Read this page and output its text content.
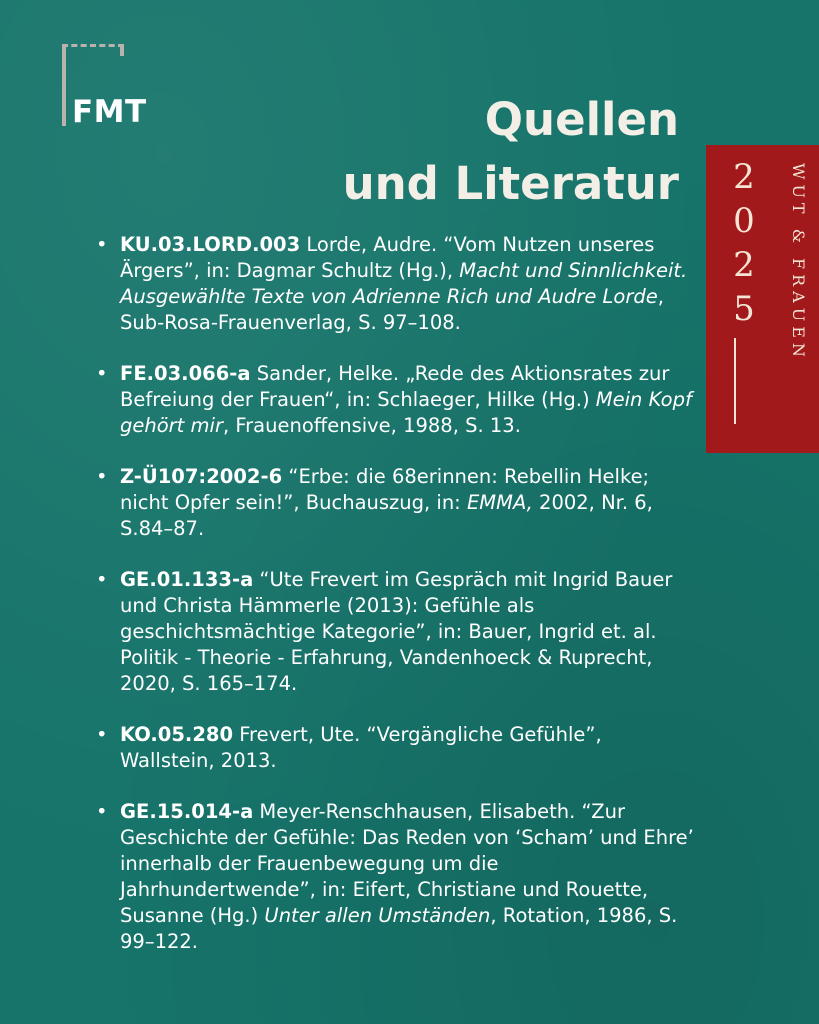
FMT	Quellen
und Literatur 2
0
2
5	WUT & FRAUEN
• KU.03.LORD.003 Lorde, Audre. “Vom Nutzen unseres Ärgers”, in: Dagmar Schultz (Hg.), Macht und Sinnlichkeit. Ausgewählte Texte von Adrienne Rich und Audre Lorde, Sub-Rosa-Frauenverlag, S. 97–108.
• FE.03.066-a Sander, Helke. „Rede des Aktionsrates zur Befreiung der Frauen“, in: Schlaeger, Hilke (Hg.) Mein Kopf gehört mir, Frauenoffensive, 1988, S. 13.
• Z-Ü107:2002-6 “Erbe: die 68erinnen: Rebellin Helke; nicht Opfer sein!”, Buchauszug, in: EMMA, 2002, Nr. 6, S.84–87.
• GE.01.133-a “Ute Frevert im Gespräch mit Ingrid Bauer und Christa Hämmerle (2013): Gefühle als geschichtsmächtige Kategorie”, in: Bauer, Ingrid et. al. Politik - Theorie - Erfahrung, Vandenhoeck & Ruprecht, 2020, S. 165–174.
• KO.05.280 Frevert, Ute. “Vergängliche Gefühle”, Wallstein, 2013.
• GE.15.014-a Meyer-Renschhausen, Elisabeth. “Zur Geschichte der Gefühle: Das Reden von ‘Scham’ und Ehre’ innerhalb der Frauenbewegung um die Jahrhundertwende”, in: Eifert, Christiane und Rouette, Susanne (Hg.) Unter allen Umständen, Rotation, 1986, S. 99–122.
